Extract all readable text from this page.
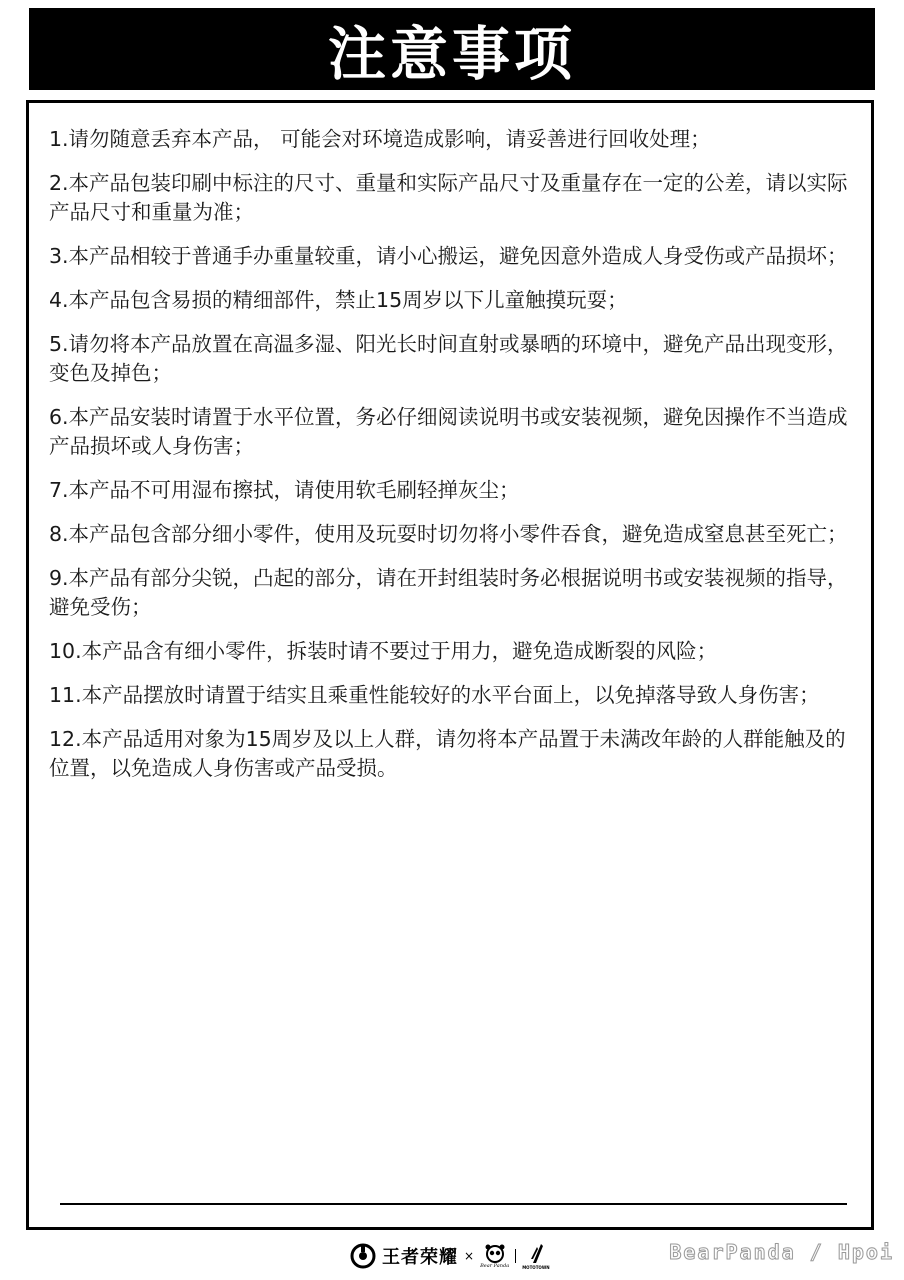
注意事项
1.请勿随意丢弃本产品， 可能会对环境造成影响，请妥善进行回收处理；
2.本产品包装印刷中标注的尺寸、重量和实际产品尺寸及重量存在一定的公差，请以实际产品尺寸和重量为准；
3.本产品相较于普通手办重量较重，请小心搬运，避免因意外造成人身受伤或产品损坏；
4.本产品包含易损的精细部件，禁止15周岁以下儿童触摸玩耍；
5.请勿将本产品放置在高温多湿、阳光长时间直射或暴晒的环境中，避免产品出现变形，变色及掉色；
6.本产品安装时请置于水平位置，务必仔细阅读说明书或安装视频，避免因操作不当造成产品损坏或人身伤害；
7.本产品不可用湿布擦拭，请使用软毛刷轻掸灰尘；
8.本产品包含部分细小零件，使用及玩耍时切勿将小零件吞食，避免造成窒息甚至死亡；
9.本产品有部分尖锐，凸起的部分，请在开封组装时务必根据说明书或安装视频的指导，避免受伤；
10.本产品含有细小零件，拆装时请不要过于用力，避免造成断裂的风险；
11.本产品摆放时请置于结实且乘重性能较好的水平台面上，以免掉落导致人身伤害；
12.本产品适用对象为15周岁及以上人群，请勿将本产品置于未满改年龄的人群能触及的位置，以免造成人身伤害或产品受损。
王者荣耀 ×
Bear Panda	MOTOTOWN
BearPanda / Hpoi
